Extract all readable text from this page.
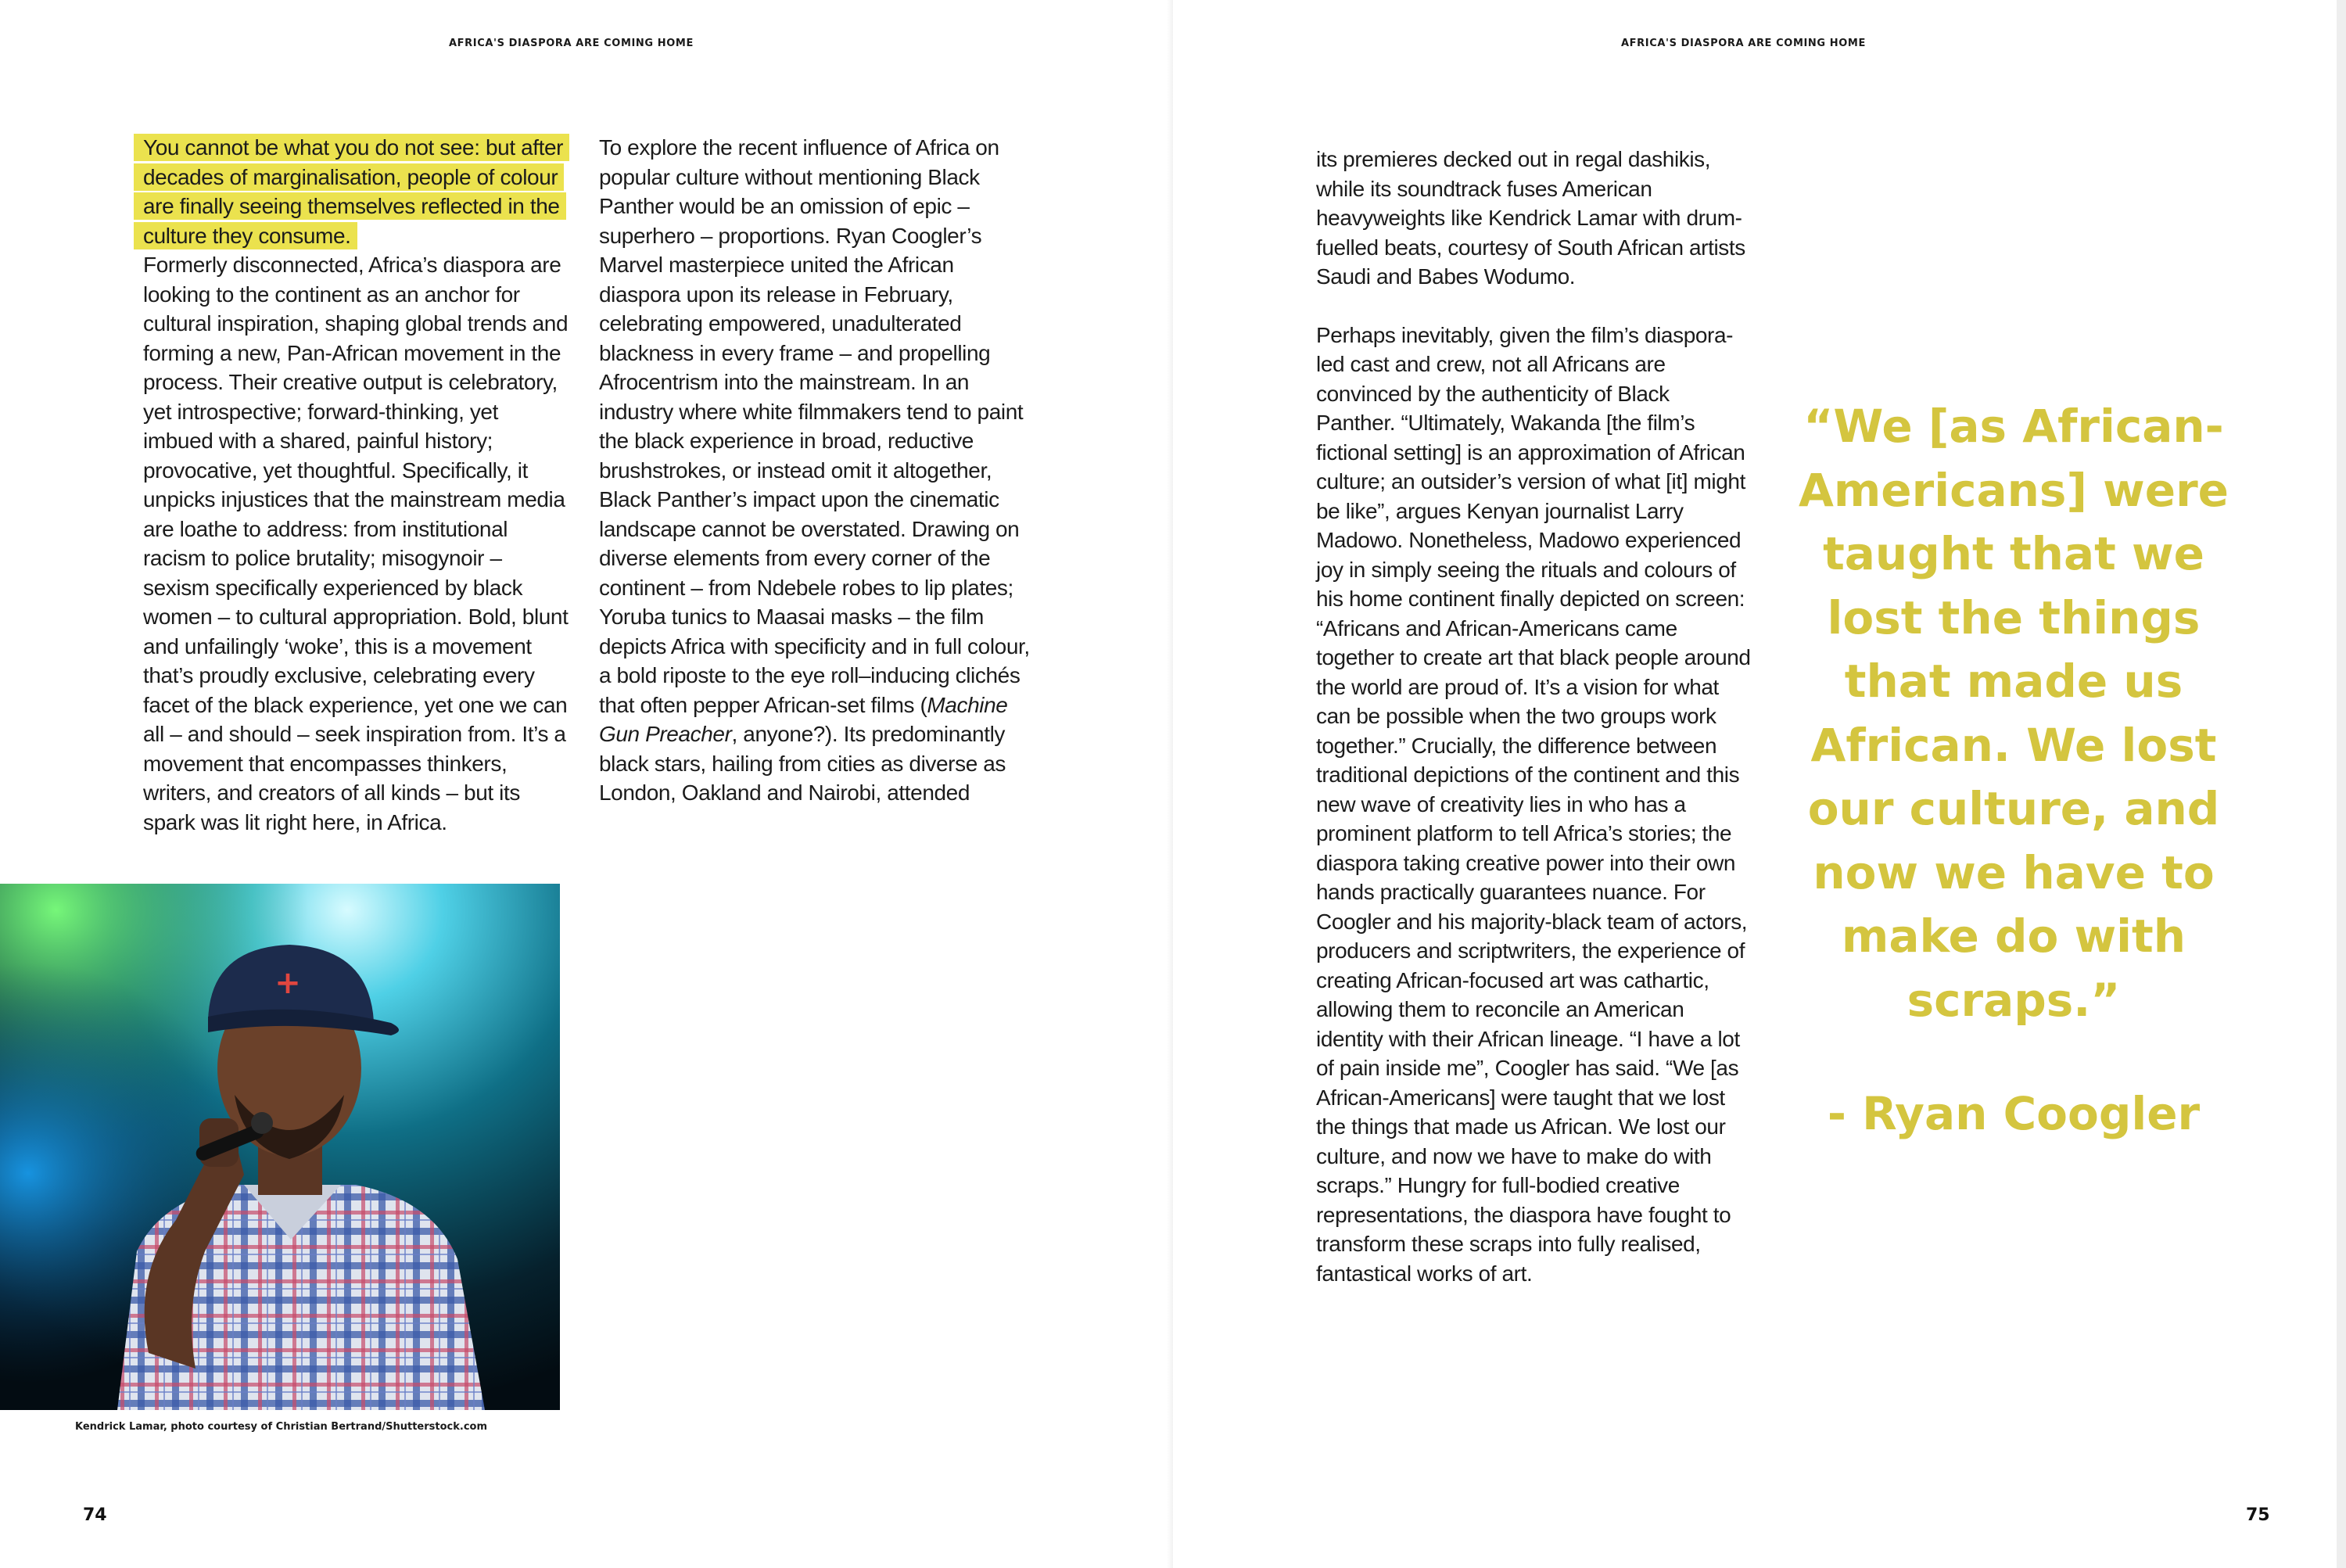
AFRICA'S DIASPORA ARE COMING HOME

You cannot be what you do not see: but after decades of marginalisation, people of colour are finally seeing themselves reflected in the culture they consume.
Formerly disconnected, Africa’s diaspora are looking to the continent as an anchor for cultural inspiration, shaping global trends and forming a new, Pan-African movement in the process. Their creative output is celebratory, yet introspective; forward-thinking, yet imbued with a shared, painful history; provocative, yet thoughtful. Specifically, it unpicks injustices that the mainstream media are loathe to address: from institutional racism to police brutality; misogynoir – sexism specifically experienced by black women – to cultural appropriation. Bold, blunt and unfailingly ‘woke’, this is a movement that’s proudly exclusive, celebrating every facet of the black experience, yet one we can all – and should – seek inspiration from. It’s a movement that encompasses thinkers, writers, and creators of all kinds – but its spark was lit right here, in Africa.

To explore the recent influence of Africa on popular culture without mentioning Black Panther would be an omission of epic – superhero – proportions. Ryan Coogler’s Marvel masterpiece united the African diaspora upon its release in February, celebrating empowered, unadulterated blackness in every frame – and propelling Afrocentrism into the mainstream. In an industry where white filmmakers tend to paint the black experience in broad, reductive brushstrokes, or instead omit it altogether, Black Panther’s impact upon the cinematic landscape cannot be overstated. Drawing on diverse elements from every corner of the continent – from Ndebele robes to lip plates; Yoruba tunics to Maasai masks – the film depicts Africa with specificity and in full colour, a bold riposte to the eye roll–inducing clichés that often pepper African-set films (Machine Gun Preacher, anyone?). Its predominantly black stars, hailing from cities as diverse as London, Oakland and Nairobi, attended

+
Kendrick Lamar, photo courtesy of Christian Bertrand/Shutterstock.com
74
AFRICA'S DIASPORA ARE COMING HOME
75

its premieres decked out in regal dashikis, while its soundtrack fuses American heavyweights like Kendrick Lamar with drum-fuelled beats, courtesy of South African artists Saudi and Babes Wodumo.

Perhaps inevitably, given the film’s diaspora-led cast and crew, not all Africans are convinced by the authenticity of Black Panther. “Ultimately, Wakanda [the film’s fictional setting] is an approximation of African culture; an outsider’s version of what [it] might be like”, argues Kenyan journalist Larry Madowo. Nonetheless, Madowo experienced joy in simply seeing the rituals and colours of his home continent finally depicted on screen: “Africans and African-Americans came together to create art that black people around the world are proud of. It’s a vision for what can be possible when the two groups work together.” Crucially, the difference between traditional depictions of the continent and this new wave of creativity lies in who has a prominent platform to tell Africa’s stories; the diaspora taking creative power into their own hands practically guarantees nuance. For Coogler and his majority-black team of actors, producers and scriptwriters, the experience of creating African-focused art was cathartic, allowing them to reconcile an American identity with their African lineage. “I have a lot of pain inside me”, Coogler has said. “We [as African-Americans] were taught that we lost the things that made us African. We lost our culture, and now we have to make do with scraps.” Hungry for full-bodied creative representations, the diaspora have fought to transform these scraps into fully realised, fantastical works of art.

“We [as African-
Americans] were
taught that we
lost the things
that made us
African. We lost
our culture, and
now we have to
make do with
scraps.”
- Ryan Coogler
